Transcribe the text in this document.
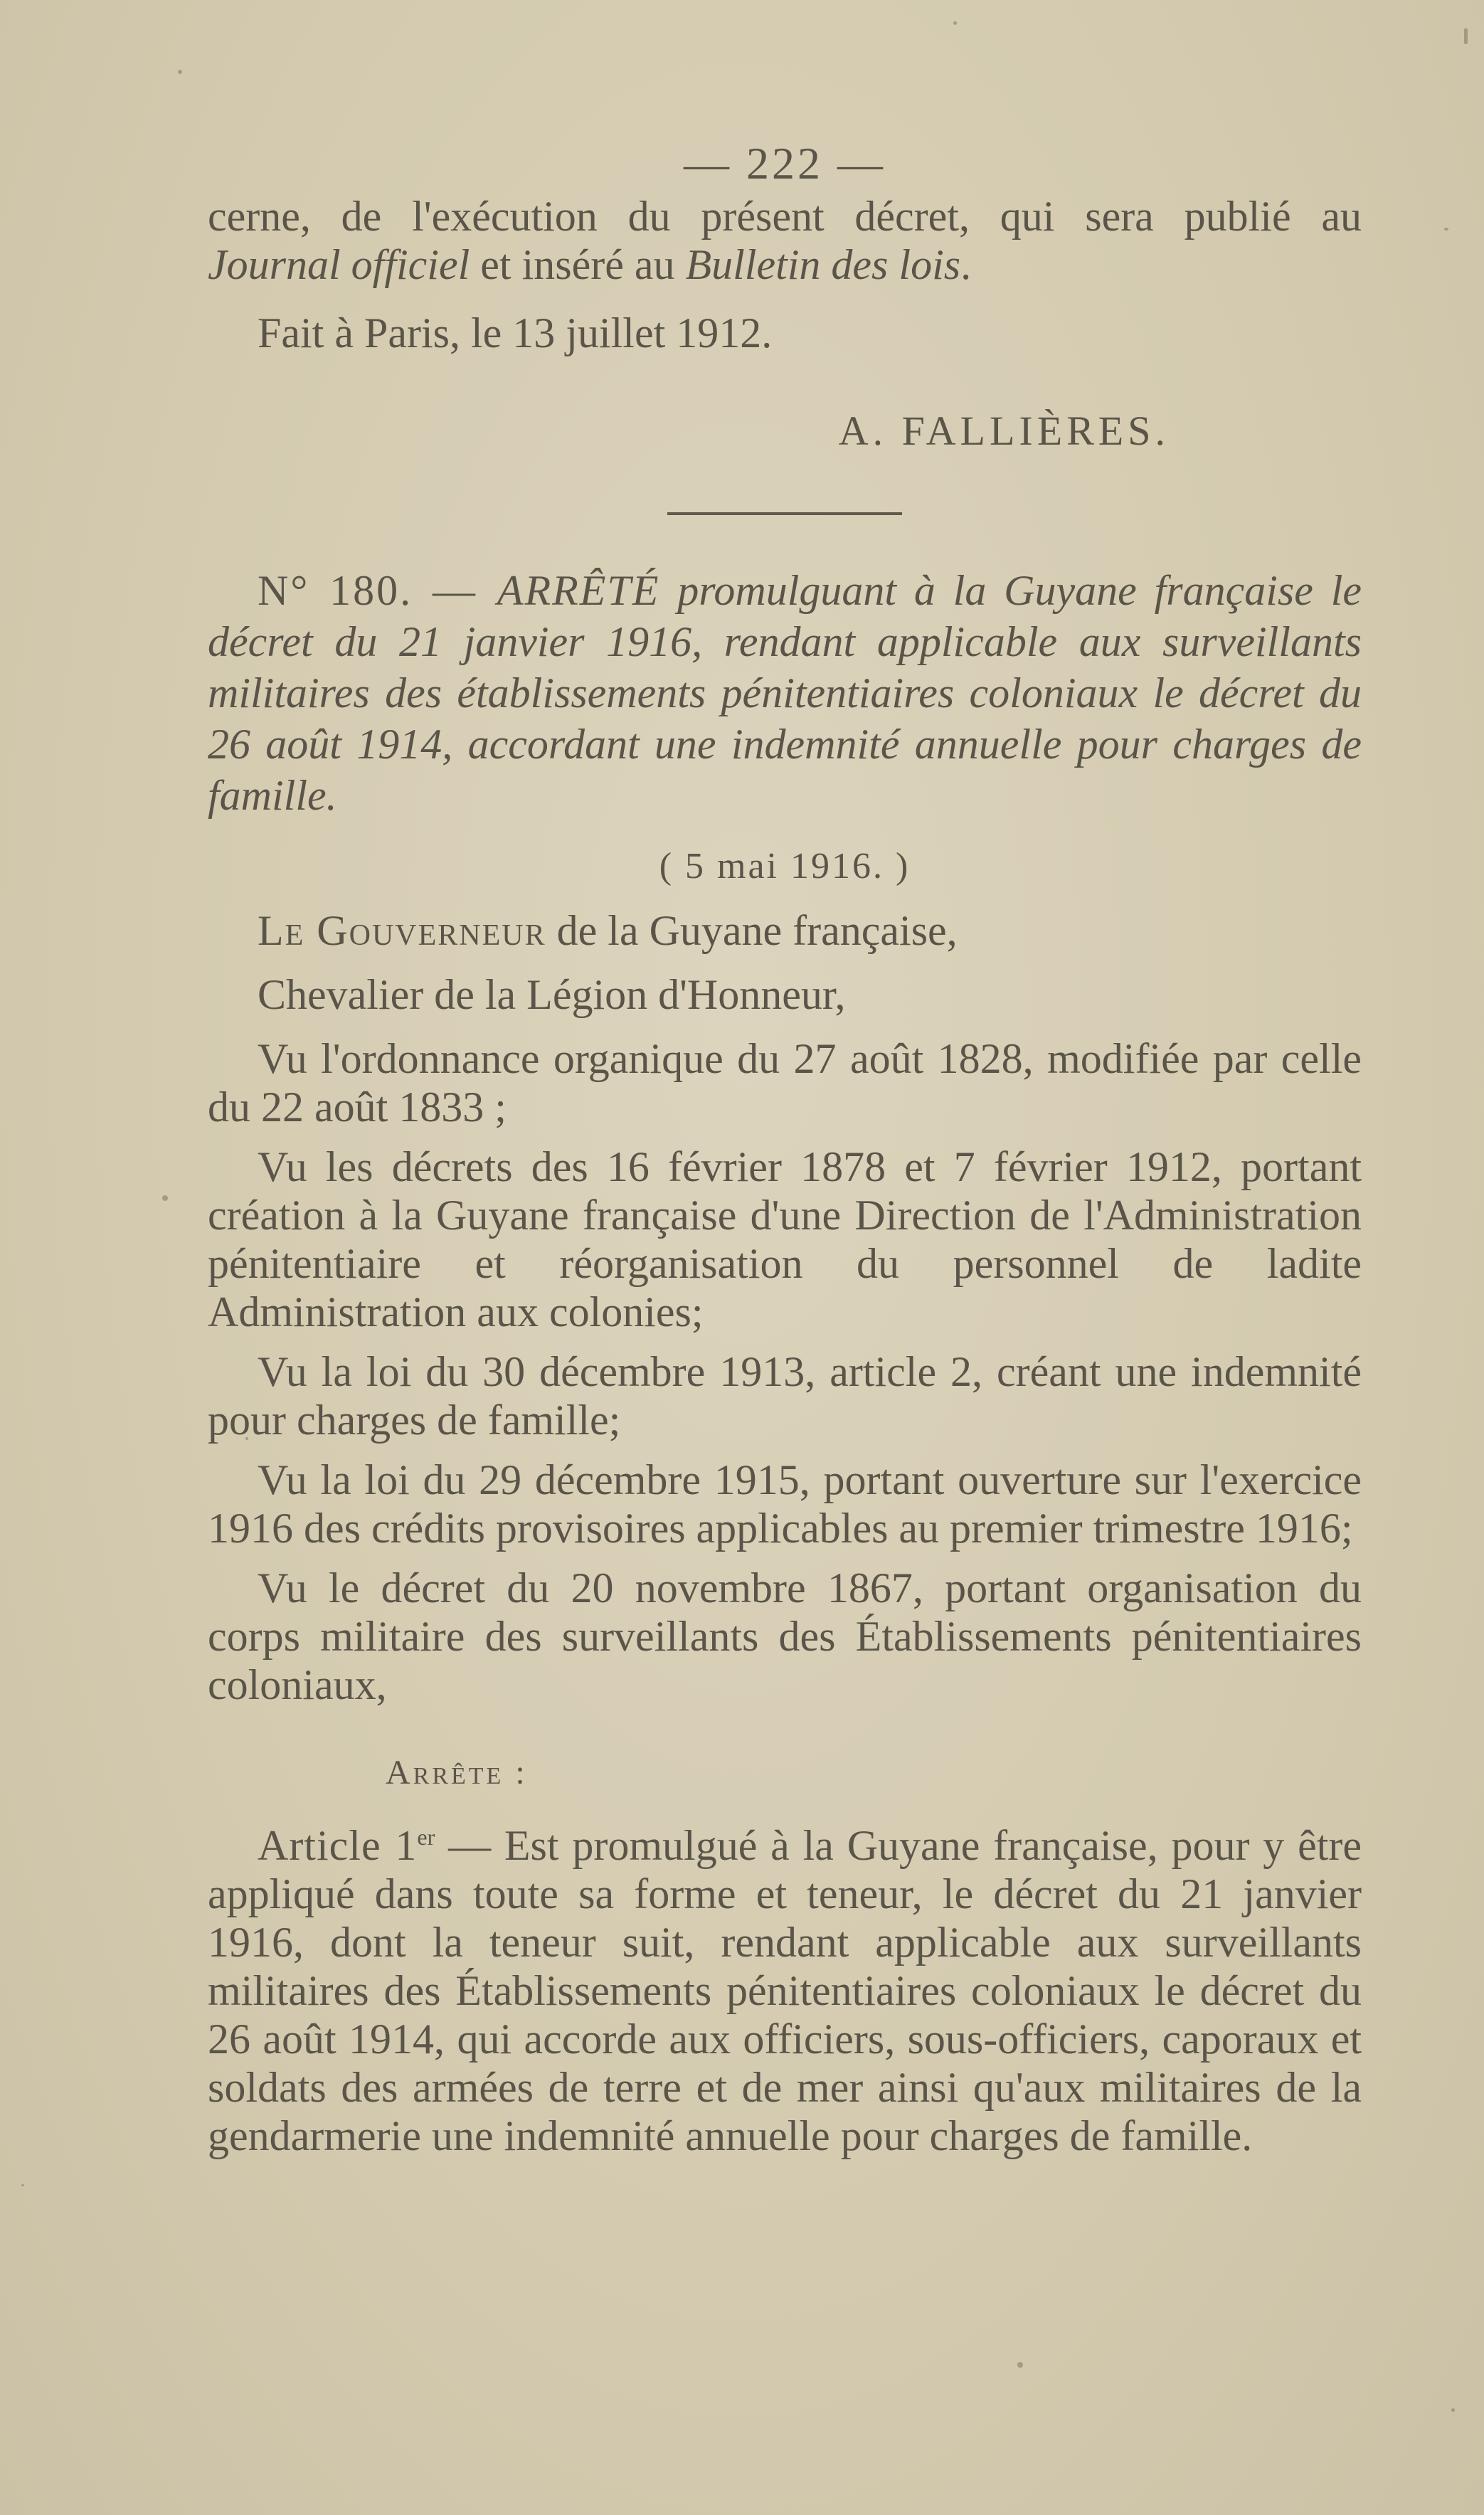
— 222 —

cerne, de l'exécution du présent décret, qui sera publié au

Journal officiel et inséré au Bulletin des lois.

Fait à Paris, le 13 juillet 1912.

A. FALLIÈRES.

N° 180. — ARRÊTÉ promulguant à la Guyane française le décret du 21 janvier 1916, rendant applicable aux surveillants militaires des établissements pénitentiaires coloniaux le décret du 26 août 1914, accordant une indemnité annuelle pour charges de famille.

( 5 mai 1916. )

Le Gouverneur de la Guyane française,

Chevalier de la Légion d'Honneur,

Vu l'ordonnance organique du 27 août 1828, modifiée par celle du 22 août 1833 ;

Vu les décrets des 16 février 1878 et 7 février 1912, portant création à la Guyane française d'une Direction de l'Administration pénitentiaire et réorganisation du personnel de ladite Administration aux colonies;

Vu la loi du 30 décembre 1913, article 2, créant une indemnité pour charges de famille;

Vu la loi du 29 décembre 1915, portant ouverture sur l'exercice 1916 des crédits provisoires applicables au premier trimestre 1916;

Vu le décret du 20 novembre 1867, portant organisation du corps militaire des surveillants des Établissements pénitentiaires coloniaux,

Arrête :

Article 1er — Est promulgué à la Guyane française, pour y être appliqué dans toute sa forme et teneur, le décret du 21 janvier 1916, dont la teneur suit, rendant applicable aux surveillants militaires des Établissements pénitentiaires coloniaux le décret du 26 août 1914, qui accorde aux officiers, sous-officiers, caporaux et soldats des armées de terre et de mer ainsi qu'aux militaires de la gendarmerie une indemnité annuelle pour charges de famille.
